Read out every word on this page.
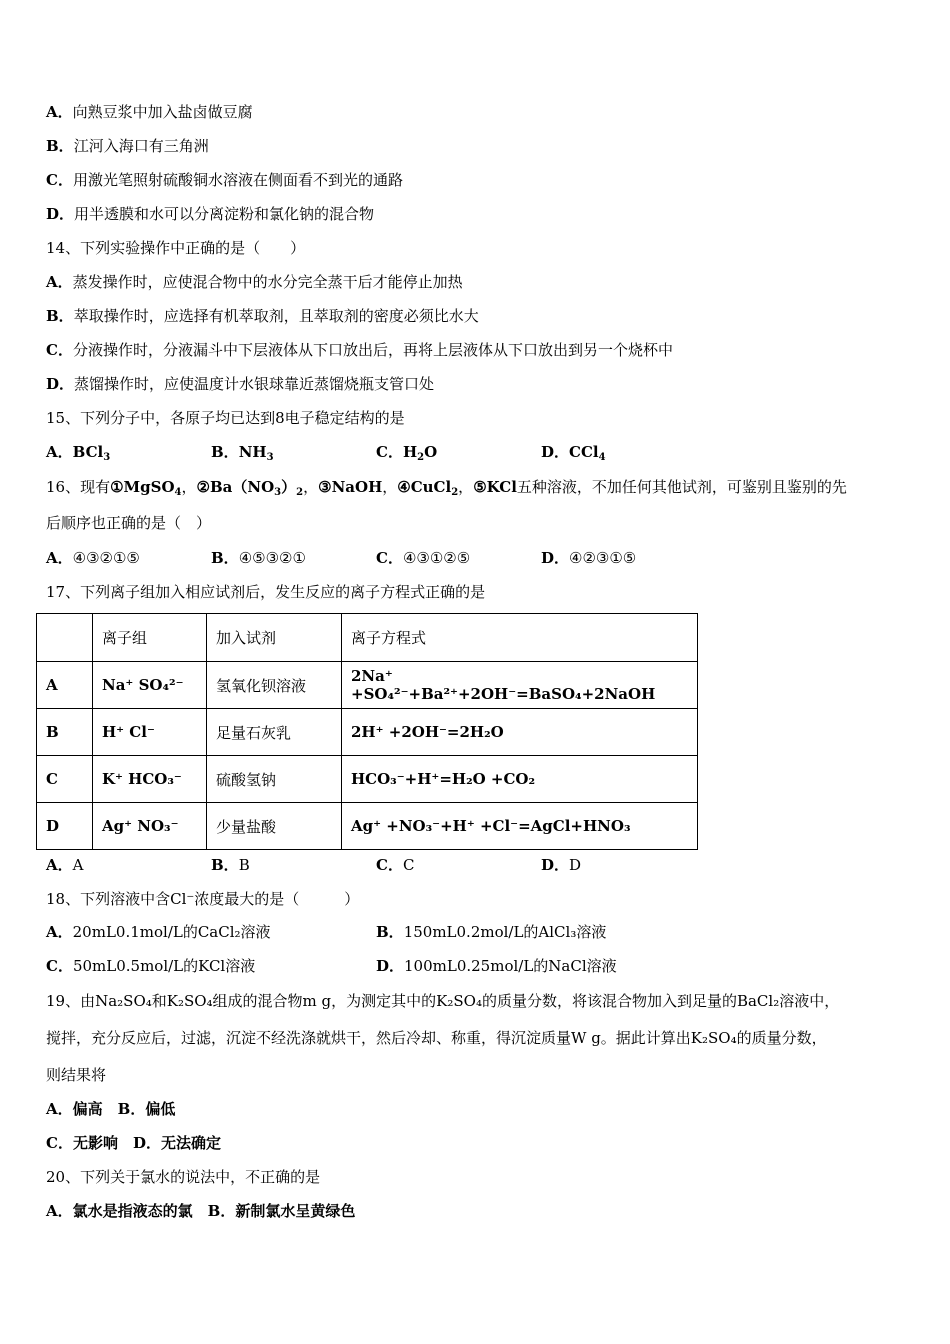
A．向熟豆浆中加入盐卤做豆腐
B．江河入海口有三角洲
C．用激光笔照射硫酸铜水溶液在侧面看不到光的通路
D．用半透膜和水可以分离淀粉和氯化钠的混合物
14、下列实验操作中正确的是（　　）
A．蒸发操作时，应使混合物中的水分完全蒸干后才能停止加热
B．萃取操作时，应选择有机萃取剂，且萃取剂的密度必须比水大
C．分液操作时，分液漏斗中下层液体从下口放出后，再将上层液体从下口放出到另一个烧杯中
D．蒸馏操作时，应使温度计水银球靠近蒸馏烧瓶支管口处
15、下列分子中，各原子均已达到8电子稳定结构的是
A．BCl$_3$	B．$NH_3$	C．$H_2O$	D．CCl$_4$
16、现有①MgSO$_4$，$②Ba(NO_3)_2$，③NaOH，④CuCl$_2$，⑤KCl五种溶液，不加任何其他试剂，可鉴别且鉴别的先
后顺序也正确的是（　）
A．④③②①⑤	B．④⑤③②①	C．④③①②⑤	D．④②③①⑤
17、下列离子组加入相应试剂后，发生反应的离子方程式正确的是
	离子组	加入试剂	离子方程式
A	Na⁺ SO₄²⁻	氢氧化钡溶液	2Na⁺ +SO₄²⁻+Ba²⁺+2OH⁻=BaSO₄+2NaOH
B	H⁺ Cl⁻	足量石灰乳	2H⁺ +2OH⁻=2H₂O
C	K⁺ HCO₃⁻	硫酸氢钠	HCO₃⁻+H⁺=H₂O +CO₂
D	Ag⁺ NO₃⁻	少量盐酸	Ag⁺ +NO₃⁻+H⁺ +Cl⁻=AgCl+HNO₃
A．A	C．C
B．B	D．D
18、下列溶液中含Cl⁻浓度最大的是（　　　）
A．20mL0.1mol/L的CaCl₂溶液	B．150mL0.2mol/L的AlCl₃溶液
C．50mL0.5mol/L的KCl溶液	D．100mL0.25mol/L的NaCl溶液
19、由Na₂SO₄和K₂SO₄组成的混合物m g，为测定其中的K₂SO₄的质量分数，将该混合物加入到足量的BaCl₂溶液中，
搅拌，充分反应后，过滤，沉淀不经洗涤就烘干，然后冷却、称重，得沉淀质量W g。据此计算出K₂SO₄的质量分数，
则结果将
A．偏高　B．偏低
C．无影响　D．无法确定
20、下列关于氯水的说法中，不正确的是
A．氯水是指液态的氯　B．新制氯水呈黄绿色
